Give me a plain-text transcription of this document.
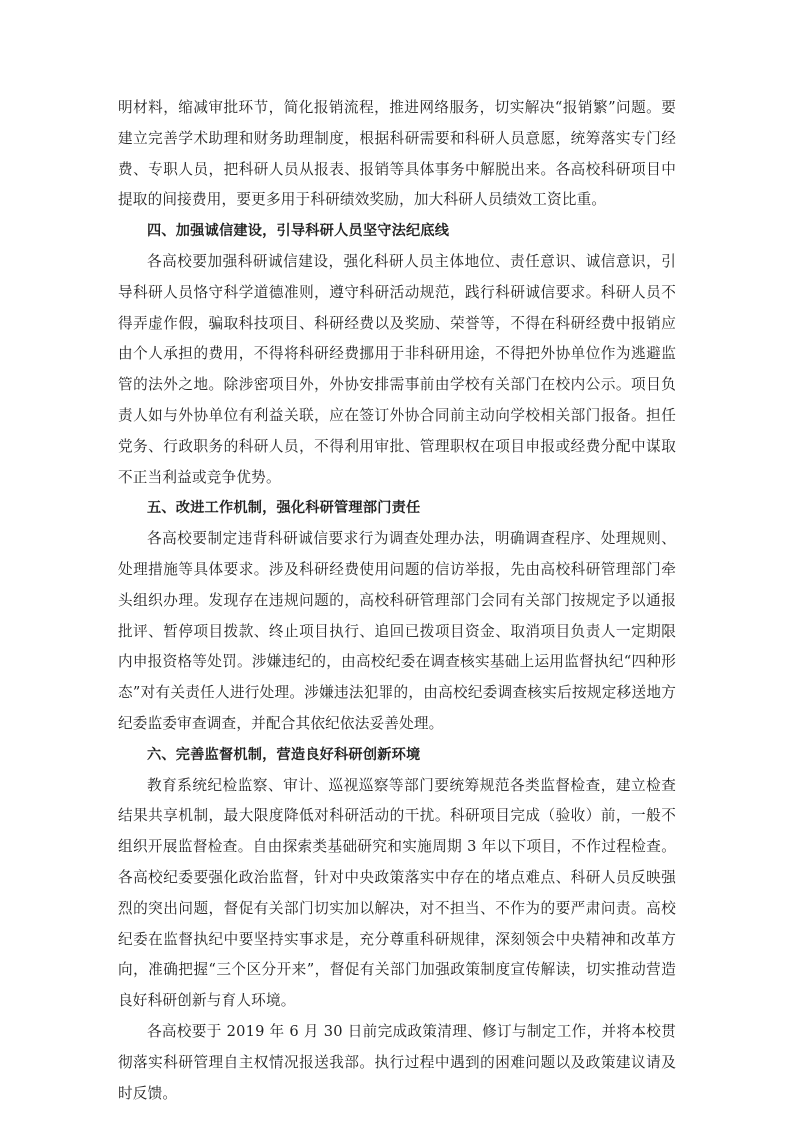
明材料，缩减审批环节，简化报销流程，推进网络服务，切实解决“报销繁”问题。要建立完善学术助理和财务助理制度，根据科研需要和科研人员意愿，统筹落实专门经费、专职人员，把科研人员从报表、报销等具体事务中解脱出来。各高校科研项目中提取的间接费用，要更多用于科研绩效奖励，加大科研人员绩效工资比重。

四、加强诚信建设，引导科研人员坚守法纪底线

各高校要加强科研诚信建设，强化科研人员主体地位、责任意识、诚信意识，引导科研人员恪守科学道德准则，遵守科研活动规范，践行科研诚信要求。科研人员不得弄虚作假，骗取科技项目、科研经费以及奖励、荣誉等，不得在科研经费中报销应由个人承担的费用，不得将科研经费挪用于非科研用途，不得把外协单位作为逃避监管的法外之地。除涉密项目外，外协安排需事前由学校有关部门在校内公示。项目负责人如与外协单位有利益关联，应在签订外协合同前主动向学校相关部门报备。担任党务、行政职务的科研人员，不得利用审批、管理职权在项目申报或经费分配中谋取不正当利益或竞争优势。

五、改进工作机制，强化科研管理部门责任

各高校要制定违背科研诚信要求行为调查处理办法，明确调查程序、处理规则、处理措施等具体要求。涉及科研经费使用问题的信访举报，先由高校科研管理部门牵头组织办理。发现存在违规问题的，高校科研管理部门会同有关部门按规定予以通报批评、暂停项目拨款、终止项目执行、追回已拨项目资金、取消项目负责人一定期限内申报资格等处罚。涉嫌违纪的，由高校纪委在调查核实基础上运用监督执纪“四种形态”对有关责任人进行处理。涉嫌违法犯罪的，由高校纪委调查核实后按规定移送地方纪委监委审查调查，并配合其依纪依法妥善处理。

六、完善监督机制，营造良好科研创新环境

教育系统纪检监察、审计、巡视巡察等部门要统筹规范各类监督检查，建立检查结果共享机制，最大限度降低对科研活动的干扰。科研项目完成（验收）前，一般不组织开展监督检查。自由探索类基础研究和实施周期 3 年以下项目，不作过程检查。各高校纪委要强化政治监督，针对中央政策落实中存在的堵点难点、科研人员反映强烈的突出问题，督促有关部门切实加以解决，对不担当、不作为的要严肃问责。高校纪委在监督执纪中要坚持实事求是，充分尊重科研规律，深刻领会中央精神和改革方向，准确把握“三个区分开来”，督促有关部门加强政策制度宣传解读，切实推动营造良好科研创新与育人环境。

各高校要于 2019 年 6 月 30 日前完成政策清理、修订与制定工作，并将本校贯彻落实科研管理自主权情况报送我部。执行过程中遇到的困难问题以及政策建议请及时反馈。
